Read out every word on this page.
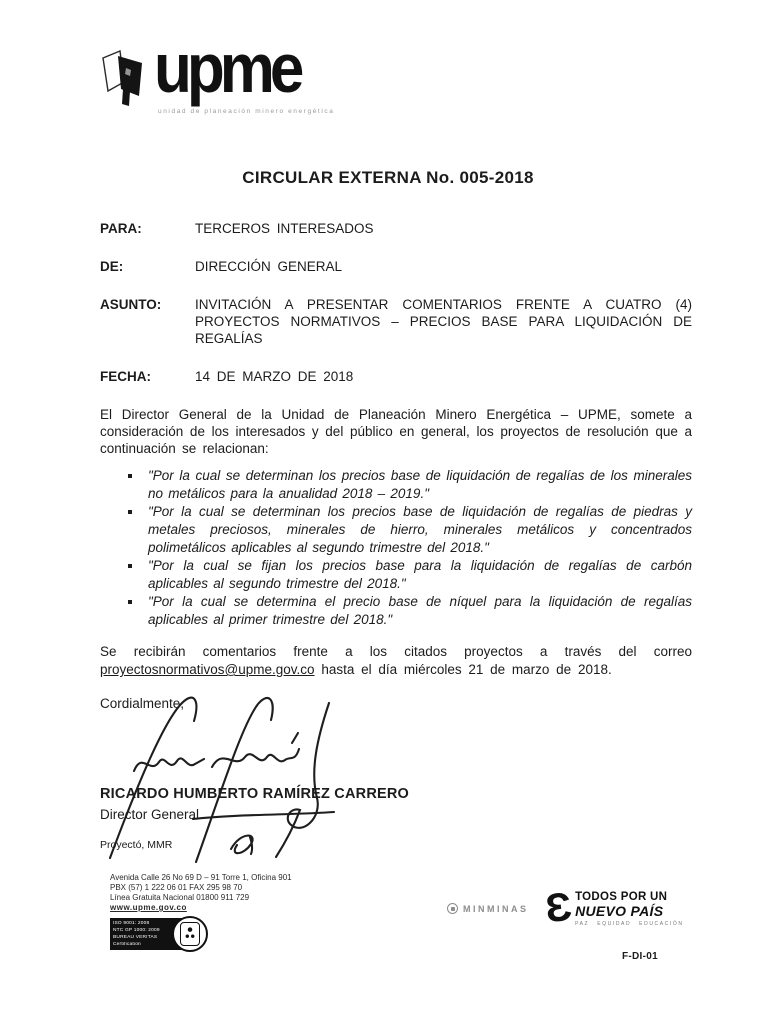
upme
unidad de planeación minero energética
CIRCULAR EXTERNA No. 005-2018
PARA:	TERCEROS INTERESADOS
DE:	DIRECCIÓN GENERAL
ASUNTO:	INVITACIÓN A PRESENTAR COMENTARIOS FRENTE A CUATRO (4) PROYECTOS NORMATIVOS – PRECIOS BASE PARA LIQUIDACIÓN DE REGALÍAS
FECHA:	14 DE MARZO DE 2018
El Director General de la Unidad de Planeación Minero Energética – UPME, somete a consideración de los interesados y del público en general, los proyectos de resolución que a continuación se relacionan:
"Por la cual se determinan los precios base de liquidación de regalías de los minerales no metálicos para la anualidad 2018 – 2019."
"Por la cual se determinan los precios base de liquidación de regalías de piedras y metales preciosos, minerales de hierro, minerales metálicos y concentrados polimetálicos aplicables al segundo trimestre del 2018."
"Por la cual se fijan los precios base para la liquidación de regalías de carbón aplicables al segundo trimestre del 2018."
"Por la cual se determina el precio base de níquel para la liquidación de regalías aplicables al primer trimestre del 2018."
Se recibirán comentarios frente a los citados proyectos a través del correo proyectosnormativos@upme.gov.co hasta el día miércoles 21 de marzo de 2018.
Cordialmente,
RICARDO HUMBERTO RAMÍREZ CARRERO
Director General
Proyectó, MMR
Avenida Calle 26 No 69 D – 91 Torre 1, Oficina 901
PBX (57) 1 222 06 01 FAX 295 98 70
Línea Gratuita Nacional 01800 911 729
www.upme.gov.co
ISO 9001: 2008
NTC GP 1000: 2009
BUREAU VERITAS
Certification
MINMINAS Ɛ TODOS POR UN
NUEVO PAÍS
PAZ EQUIDAD EDUCACIÓN
F-DI-01
